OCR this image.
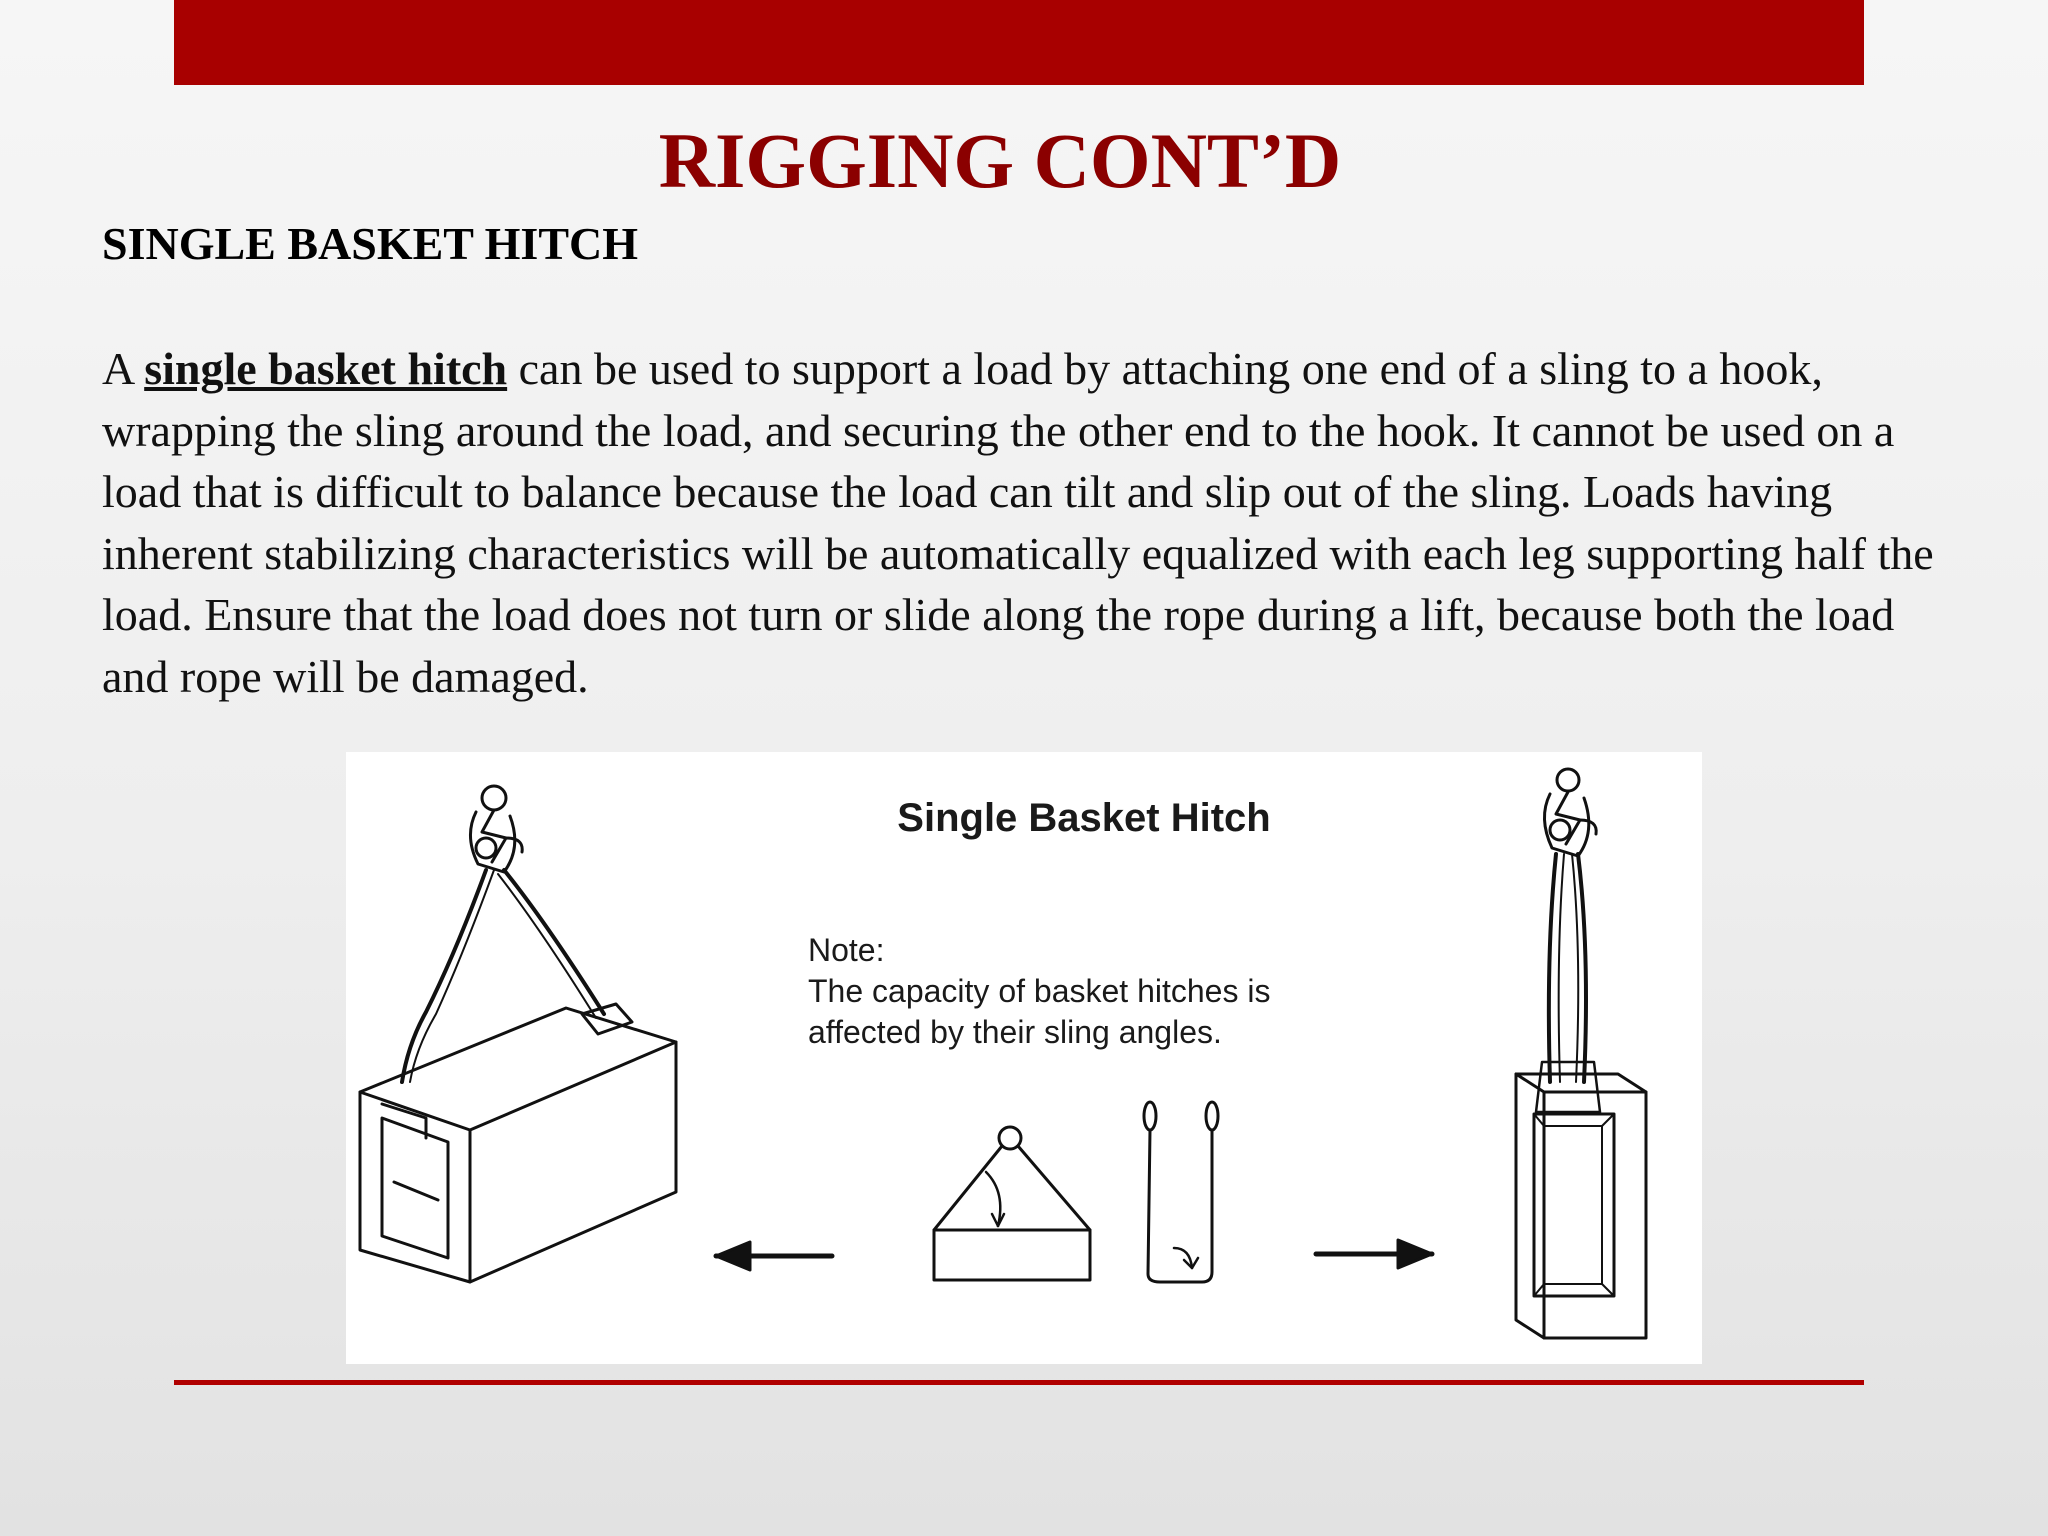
RIGGING CONT’D
SINGLE BASKET HITCH

A single basket hitch can be used to support a load by attaching one end of a sling to a hook, wrapping the sling around the load, and securing the other end to the hook. It cannot be used on a load that is difficult to balance because the load can tilt and slip out of the sling. Loads having inherent stabilizing characteristics will be automatically equalized with each leg supporting half the load. Ensure that the load does not turn or slide along the rope during a lift, because both the load and rope will be damaged.

Single Basket Hitch
Note:
The capacity of basket hitches is
affected by their sling angles.
